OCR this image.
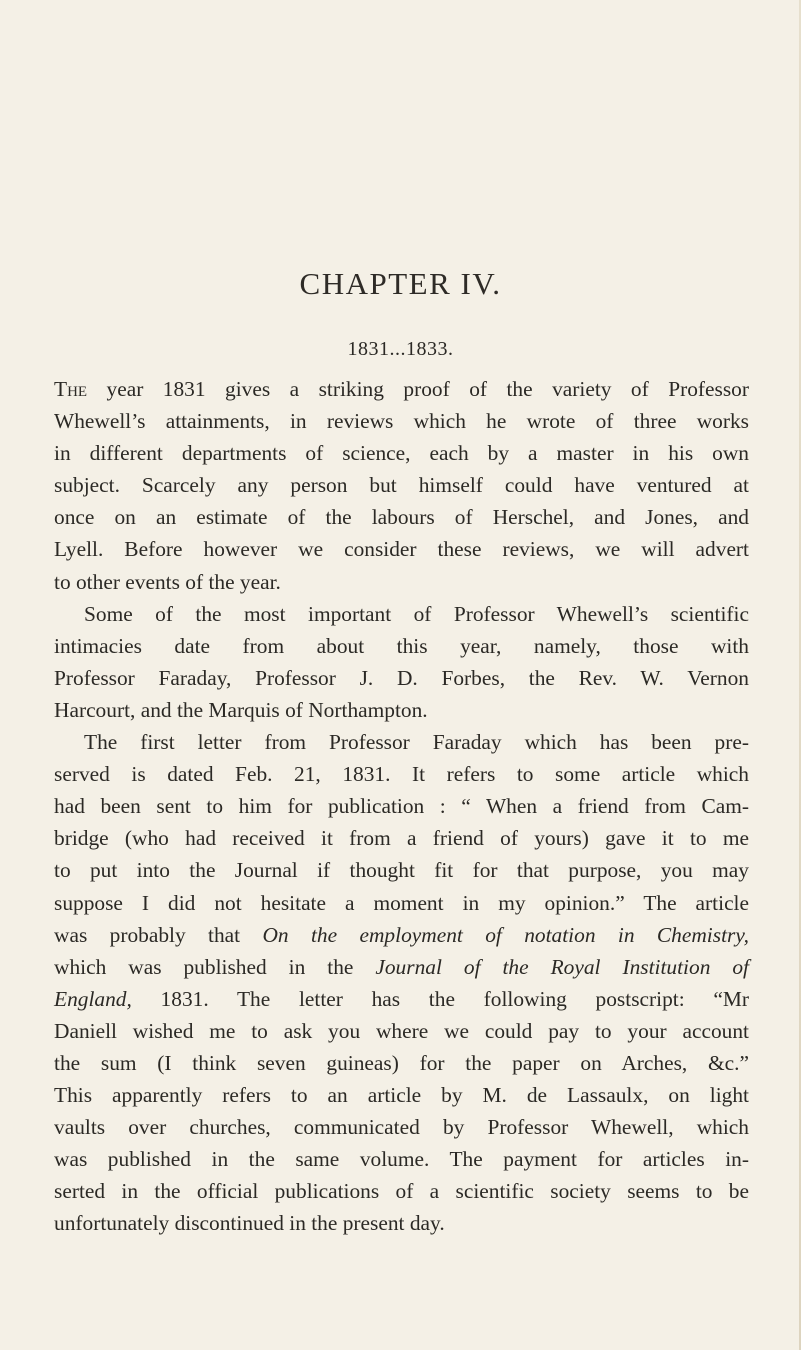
CHAPTER IV.
1831...1833.
The year 1831 gives a striking proof of the variety of Professor
Whewell’s attainments, in reviews which he wrote of three works
in different departments of science, each by a master in his own
subject. Scarcely any person but himself could have ventured at
once on an estimate of the labours of Herschel, and Jones, and
Lyell. Before however we consider these reviews, we will advert
to other events of the year.
Some of the most important of Professor Whewell’s scientific
intimacies date from about this year, namely, those with
Professor Faraday, Professor J. D. Forbes, the Rev. W. Vernon
Harcourt, and the Marquis of Northampton.
The first letter from Professor Faraday which has been pre-
served is dated Feb. 21, 1831. It refers to some article which
had been sent to him for publication : “ When a friend from Cam-
bridge (who had received it from a friend of yours) gave it to me
to put into the Journal if thought fit for that purpose, you may
suppose I did not hesitate a moment in my opinion.” The article
was probably that On the employment of notation in Chemistry,
which was published in the Journal of the Royal Institution of
England, 1831. The letter has the following postscript: “Mr
Daniell wished me to ask you where we could pay to your account
the sum (I think seven guineas) for the paper on Arches, &c.”
This apparently refers to an article by M. de Lassaulx, on light
vaults over churches, communicated by Professor Whewell, which
was published in the same volume. The payment for articles in-
serted in the official publications of a scientific society seems to be
unfortunately discontinued in the present day.
